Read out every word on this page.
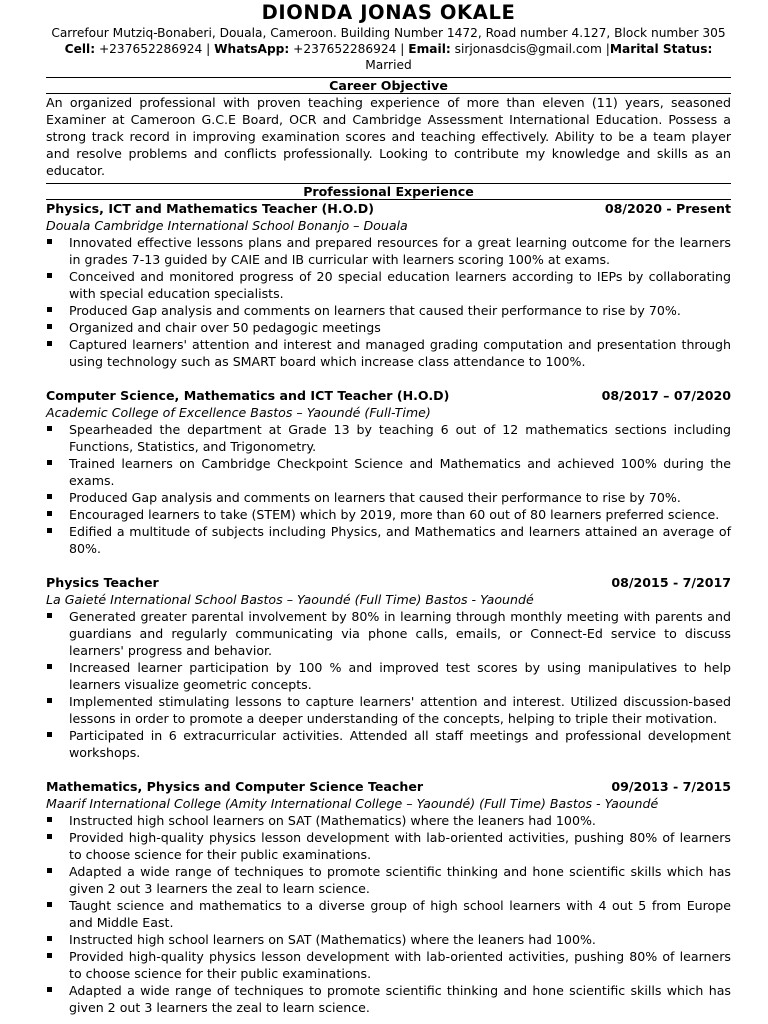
DIONDA JONAS OKALE
Carrefour Mutziq-Bonaberi, Douala, Cameroon. Building Number 1472, Road number 4.127, Block number 305
Cell: +237652286924 | WhatsApp: +237652286924 | Email: sirjonasdcis@gmail.com |Marital Status: Married
Career Objective
An organized professional with proven teaching experience of more than eleven (11) years, seasoned Examiner at Cameroon G.C.E Board, OCR and Cambridge Assessment International Education. Possess a strong track record in improving examination scores and teaching effectively. Ability to be a team player and resolve problems and conflicts professionally. Looking to contribute my knowledge and skills as an educator.
Professional Experience
Physics, ICT and Mathematics Teacher (H.O.D)	08/2020 - Present
Douala Cambridge International School Bonanjo – Douala
Innovated effective lessons plans and prepared resources for a great learning outcome for the learners in grades 7-13 guided by CAIE and IB curricular with learners scoring 100% at exams.
Conceived and monitored progress of 20 special education learners according to IEPs by collaborating with special education specialists.
Produced Gap analysis and comments on learners that caused their performance to rise by 70%.
Organized and chair over 50 pedagogic meetings
Captured learners' attention and interest and managed grading computation and presentation through using technology such as SMART board which increase class attendance to 100%.
Computer Science, Mathematics and ICT Teacher (H.O.D)	08/2017 – 07/2020
Academic College of Excellence Bastos – Yaoundé (Full-Time)
Spearheaded the department at Grade 13 by teaching 6 out of 12 mathematics sections including Functions, Statistics, and Trigonometry.
Trained learners on Cambridge Checkpoint Science and Mathematics and achieved 100% during the exams.
Produced Gap analysis and comments on learners that caused their performance to rise by 70%.
Encouraged learners to take (STEM) which by 2019, more than 60 out of 80 learners preferred science.
Edified a multitude of subjects including Physics, and Mathematics and learners attained an average of 80%.
Physics Teacher	08/2015 - 7/2017
La Gaieté International School Bastos – Yaoundé (Full Time) Bastos - Yaoundé
Generated greater parental involvement by 80% in learning through monthly meeting with parents and guardians and regularly communicating via phone calls, emails, or Connect-Ed service to discuss learners' progress and behavior.
Increased learner participation by 100 % and improved test scores by using manipulatives to help learners visualize geometric concepts.
Implemented stimulating lessons to capture learners' attention and interest. Utilized discussion-based lessons in order to promote a deeper understanding of the concepts, helping to triple their motivation.
Participated in 6 extracurricular activities. Attended all staff meetings and professional development workshops.
Mathematics, Physics and Computer Science Teacher	09/2013 - 7/2015
Maarif International College (Amity International College – Yaoundé) (Full Time) Bastos - Yaoundé
Instructed high school learners on SAT (Mathematics) where the leaners had 100%.
Provided high-quality physics lesson development with lab-oriented activities, pushing 80% of learners to choose science for their public examinations.
Adapted a wide range of techniques to promote scientific thinking and hone scientific skills which has given 2 out 3 learners the zeal to learn science.
Taught science and mathematics to a diverse group of high school learners with 4 out 5 from Europe and Middle East.
Instructed high school learners on SAT (Mathematics) where the leaners had 100%.
Provided high-quality physics lesson development with lab-oriented activities, pushing 80% of learners to choose science for their public examinations.
Adapted a wide range of techniques to promote scientific thinking and hone scientific skills which has given 2 out 3 learners the zeal to learn science.
